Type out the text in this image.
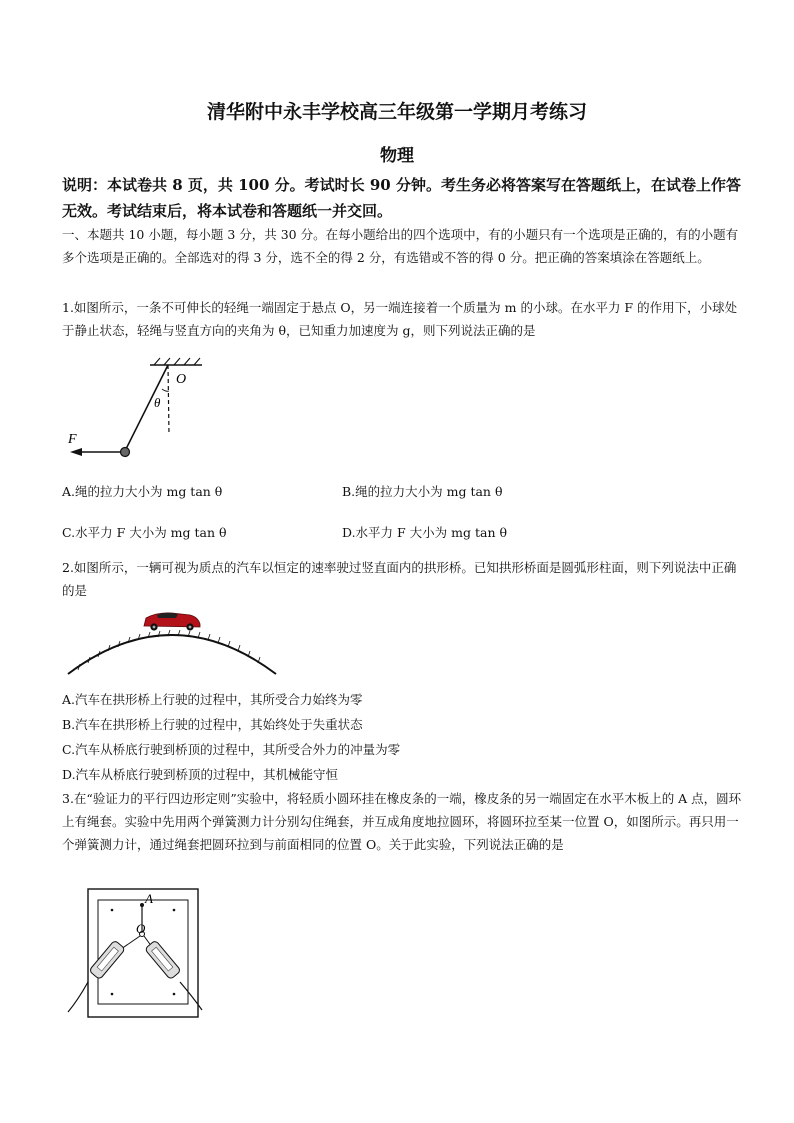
清华附中永丰学校高三年级第一学期月考练习
物理
说明：本试卷共 8 页，共 100 分。考试时长 90 分钟。考生务必将答案写在答题纸上，在试卷上作答无效。考试结束后，将本试卷和答题纸一并交回。
一、本题共 10 小题，每小题 3 分，共 30 分。在每小题给出的四个选项中，有的小题只有一个选项是正确的，有的小题有多个选项是正确的。全部选对的得 3 分，选不全的得 2 分，有选错或不答的得 0 分。把正确的答案填涂在答题纸上。
1.如图所示，一条不可伸长的轻绳一端固定于悬点 O，另一端连接着一个质量为 m 的小球。在水平力 F 的作用下，小球处于静止状态，轻绳与竖直方向的夹角为 θ，已知重力加速度为 g，则下列说法正确的是
O
θ
F
A.绳的拉力大小为 mg tan θ	B.绳的拉力大小为 mg tan θ
C.水平力 F 大小为 mg tan θ	D.水平力 F 大小为 mg tan θ
2.如图所示，一辆可视为质点的汽车以恒定的速率驶过竖直面内的拱形桥。已知拱形桥面是圆弧形柱面，则下列说法中正确的是
A.汽车在拱形桥上行驶的过程中，其所受合力始终为零
B.汽车在拱形桥上行驶的过程中，其始终处于失重状态
C.汽车从桥底行驶到桥顶的过程中，其所受合外力的冲量为零
D.汽车从桥底行驶到桥顶的过程中，其机械能守恒
3.在“验证力的平行四边形定则”实验中，将轻质小圆环挂在橡皮条的一端，橡皮条的另一端固定在水平木板上的 A 点，圆环上有绳套。实验中先用两个弹簧测力计分别勾住绳套，并互成角度地拉圆环，将圆环拉至某一位置 O，如图所示。再只用一个弹簧测力计，通过绳套把圆环拉到与前面相同的位置 O。关于此实验，下列说法正确的是
A
O
